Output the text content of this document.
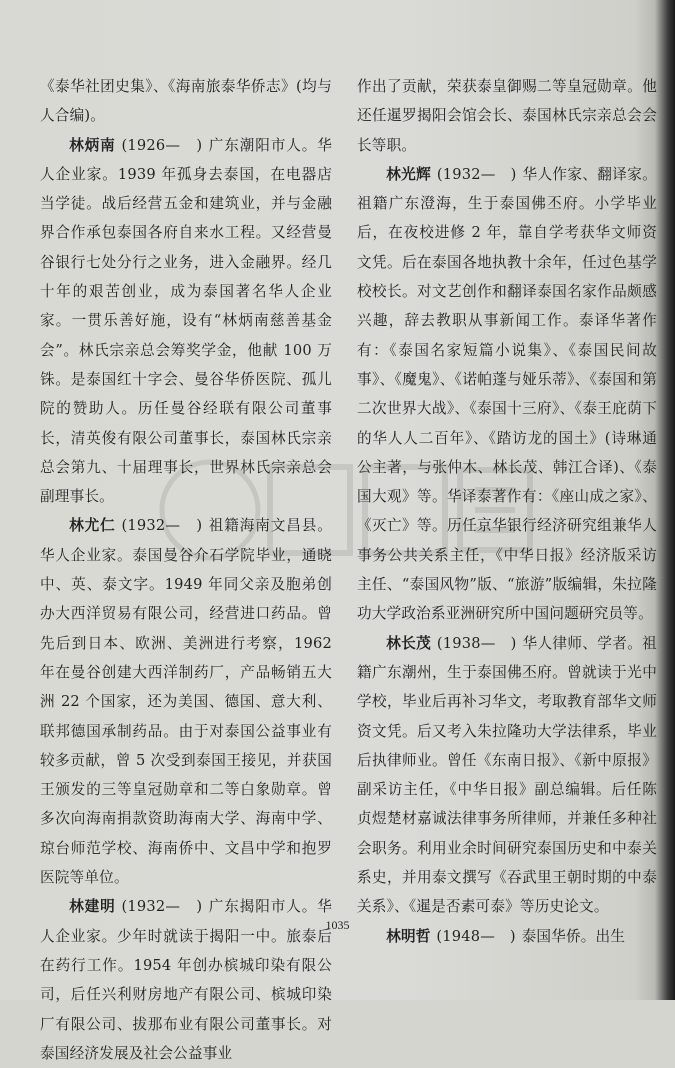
《泰华社团史集》、《海南旅泰华侨志》(均与人合编)。

林炳南 (1926—　) 广东潮阳市人。华人企业家。1939 年孤身去泰国，在电器店当学徒。战后经营五金和建筑业，并与金融界合作承包泰国各府自来水工程。又经营曼谷银行七处分行之业务，进入金融界。经几十年的艰苦创业，成为泰国著名华人企业家。一贯乐善好施，设有“林炳南慈善基金会”。林氏宗亲总会筹奖学金，他献 100 万铢。是泰国红十字会、曼谷华侨医院、孤儿院的赞助人。历任曼谷经联有限公司董事长，清英俊有限公司董事长，泰国林氏宗亲总会第九、十届理事长，世界林氏宗亲总会副理事长。

林尤仁 (1932—　) 祖籍海南文昌县。华人企业家。泰国曼谷介石学院毕业，通晓中、英、泰文字。1949 年同父亲及胞弟创办大西洋贸易有限公司，经营进口药品。曾先后到日本、欧洲、美洲进行考察，1962 年在曼谷创建大西洋制药厂，产品畅销五大洲 22 个国家，还为美国、德国、意大利、联邦德国承制药品。由于对泰国公益事业有较多贡献，曾 5 次受到泰国王接见，并获国王颁发的三等皇冠勋章和二等白象勋章。曾多次向海南捐款资助海南大学、海南中学、琼台师范学校、海南侨中、文昌中学和抱罗医院等单位。

林建明 (1932—　) 广东揭阳市人。华人企业家。少年时就读于揭阳一中。旅泰后在药行工作。1954 年创办槟城印染有限公司，后任兴利财房地产有限公司、槟城印染厂有限公司、拔那布业有限公司董事长。对泰国经济发展及社会公益事业

作出了贡献，荣获泰皇御赐二等皇冠勋章。他还任暹罗揭阳会馆会长、泰国林氏宗亲总会会长等职。

林光辉 (1932—　) 华人作家、翻译家。祖籍广东澄海，生于泰国佛丕府。小学毕业后，在夜校进修 2 年，靠自学考获华文师资文凭。后在泰国各地执教十余年，任过色基学校校长。对文艺创作和翻译泰国名家作品颇感兴趣，辞去教职从事新闻工作。泰译华著作有：《泰国名家短篇小说集》、《泰国民间故事》、《魔鬼》、《诺帕蓬与娅乐蒂》、《泰国和第二次世界大战》、《泰国十三府》、《泰王庇荫下的华人人二百年》、《踏访龙的国土》(诗琳通公主著，与张仲木、林长茂、韩江合译)、《泰国大观》等。华译泰著作有：《座山成之家》、《灭亡》等。历任京华银行经济研究组兼华人事务公共关系主任，《中华日报》经济版采访主任、“泰国风物”版、“旅游”版编辑，朱拉隆功大学政治系亚洲研究所中国问题研究员等。

林长茂 (1938—　) 华人律师、学者。祖籍广东潮州，生于泰国佛丕府。曾就读于光中学校，毕业后再补习华文，考取教育部华文师资文凭。后又考入朱拉隆功大学法律系，毕业后执律师业。曾任《东南日报》、《新中原报》副采访主任，《中华日报》副总编辑。后任陈贞煜楚材嘉诚法律事务所律师，并兼任多种社会职务。利用业余时间研究泰国历史和中泰关系史，并用泰文撰写《吞武里王朝时期的中泰关系》、《暹是否素可泰》等历史论文。

林明哲 (1948—　) 泰国华侨。出生

1035
